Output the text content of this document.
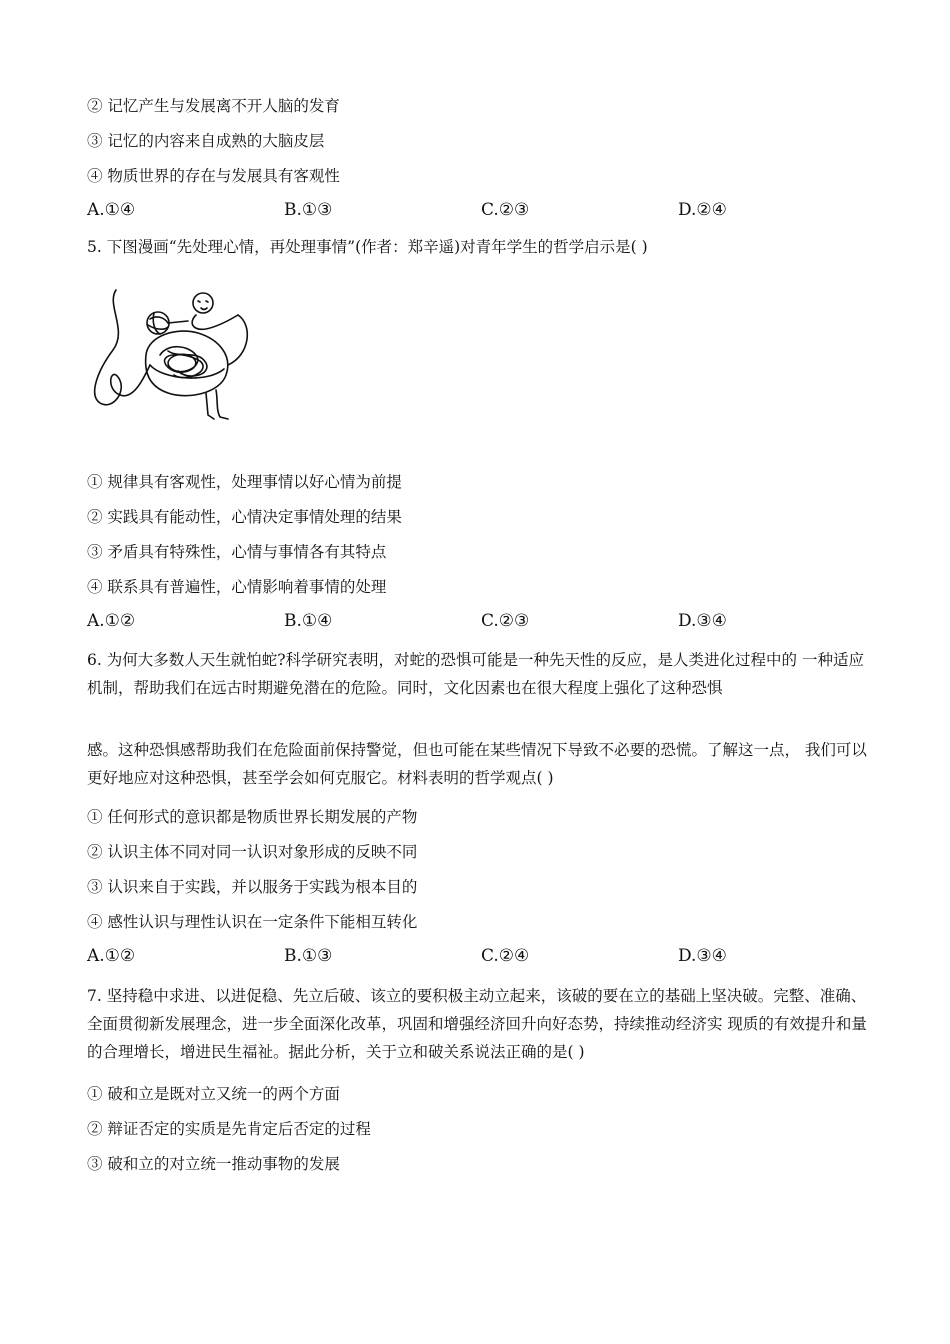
② 记忆产生与发展离不开人脑的发育
③ 记忆的内容来自成熟的大脑皮层
④ 物质世界的存在与发展具有客观性
A.①④	B.①③	C.②③	D.②④
5. 下图漫画“先处理心情，再处理事情”(作者：郑辛遥)对青年学生的哲学启示是( )
① 规律具有客观性，处理事情以好心情为前提
② 实践具有能动性，心情决定事情处理的结果
③ 矛盾具有特殊性，心情与事情各有其特点
④ 联系具有普遍性，心情影响着事情的处理
A.①②	B.①④	C.②③	D.③④
6. 为何大多数人天生就怕蛇?科学研究表明，对蛇的恐惧可能是一种先天性的反应，是人类进化过程中的 一种适应机制，帮助我们在远古时期避免潜在的危险。同时，文化因素也在很大程度上强化了这种恐惧
感。这种恐惧感帮助我们在危险面前保持警觉，但也可能在某些情况下导致不必要的恐慌。了解这一点， 我们可以更好地应对这种恐惧，甚至学会如何克服它。材料表明的哲学观点( )
① 任何形式的意识都是物质世界长期发展的产物
② 认识主体不同对同一认识对象形成的反映不同
③ 认识来自于实践，并以服务于实践为根本目的
④ 感性认识与理性认识在一定条件下能相互转化
A.①②	B.①③	C.②④	D.③④
7. 坚持稳中求进、以进促稳、先立后破、该立的要积极主动立起来，该破的要在立的基础上坚决破。完整、准确、全面贯彻新发展理念，进一步全面深化改革，巩固和增强经济回升向好态势，持续推动经济实 现质的有效提升和量的合理增长，增进民生福祉。据此分析，关于立和破关系说法正确的是( )
① 破和立是既对立又统一的两个方面
② 辩证否定的实质是先肯定后否定的过程
③ 破和立的对立统一推动事物的发展
